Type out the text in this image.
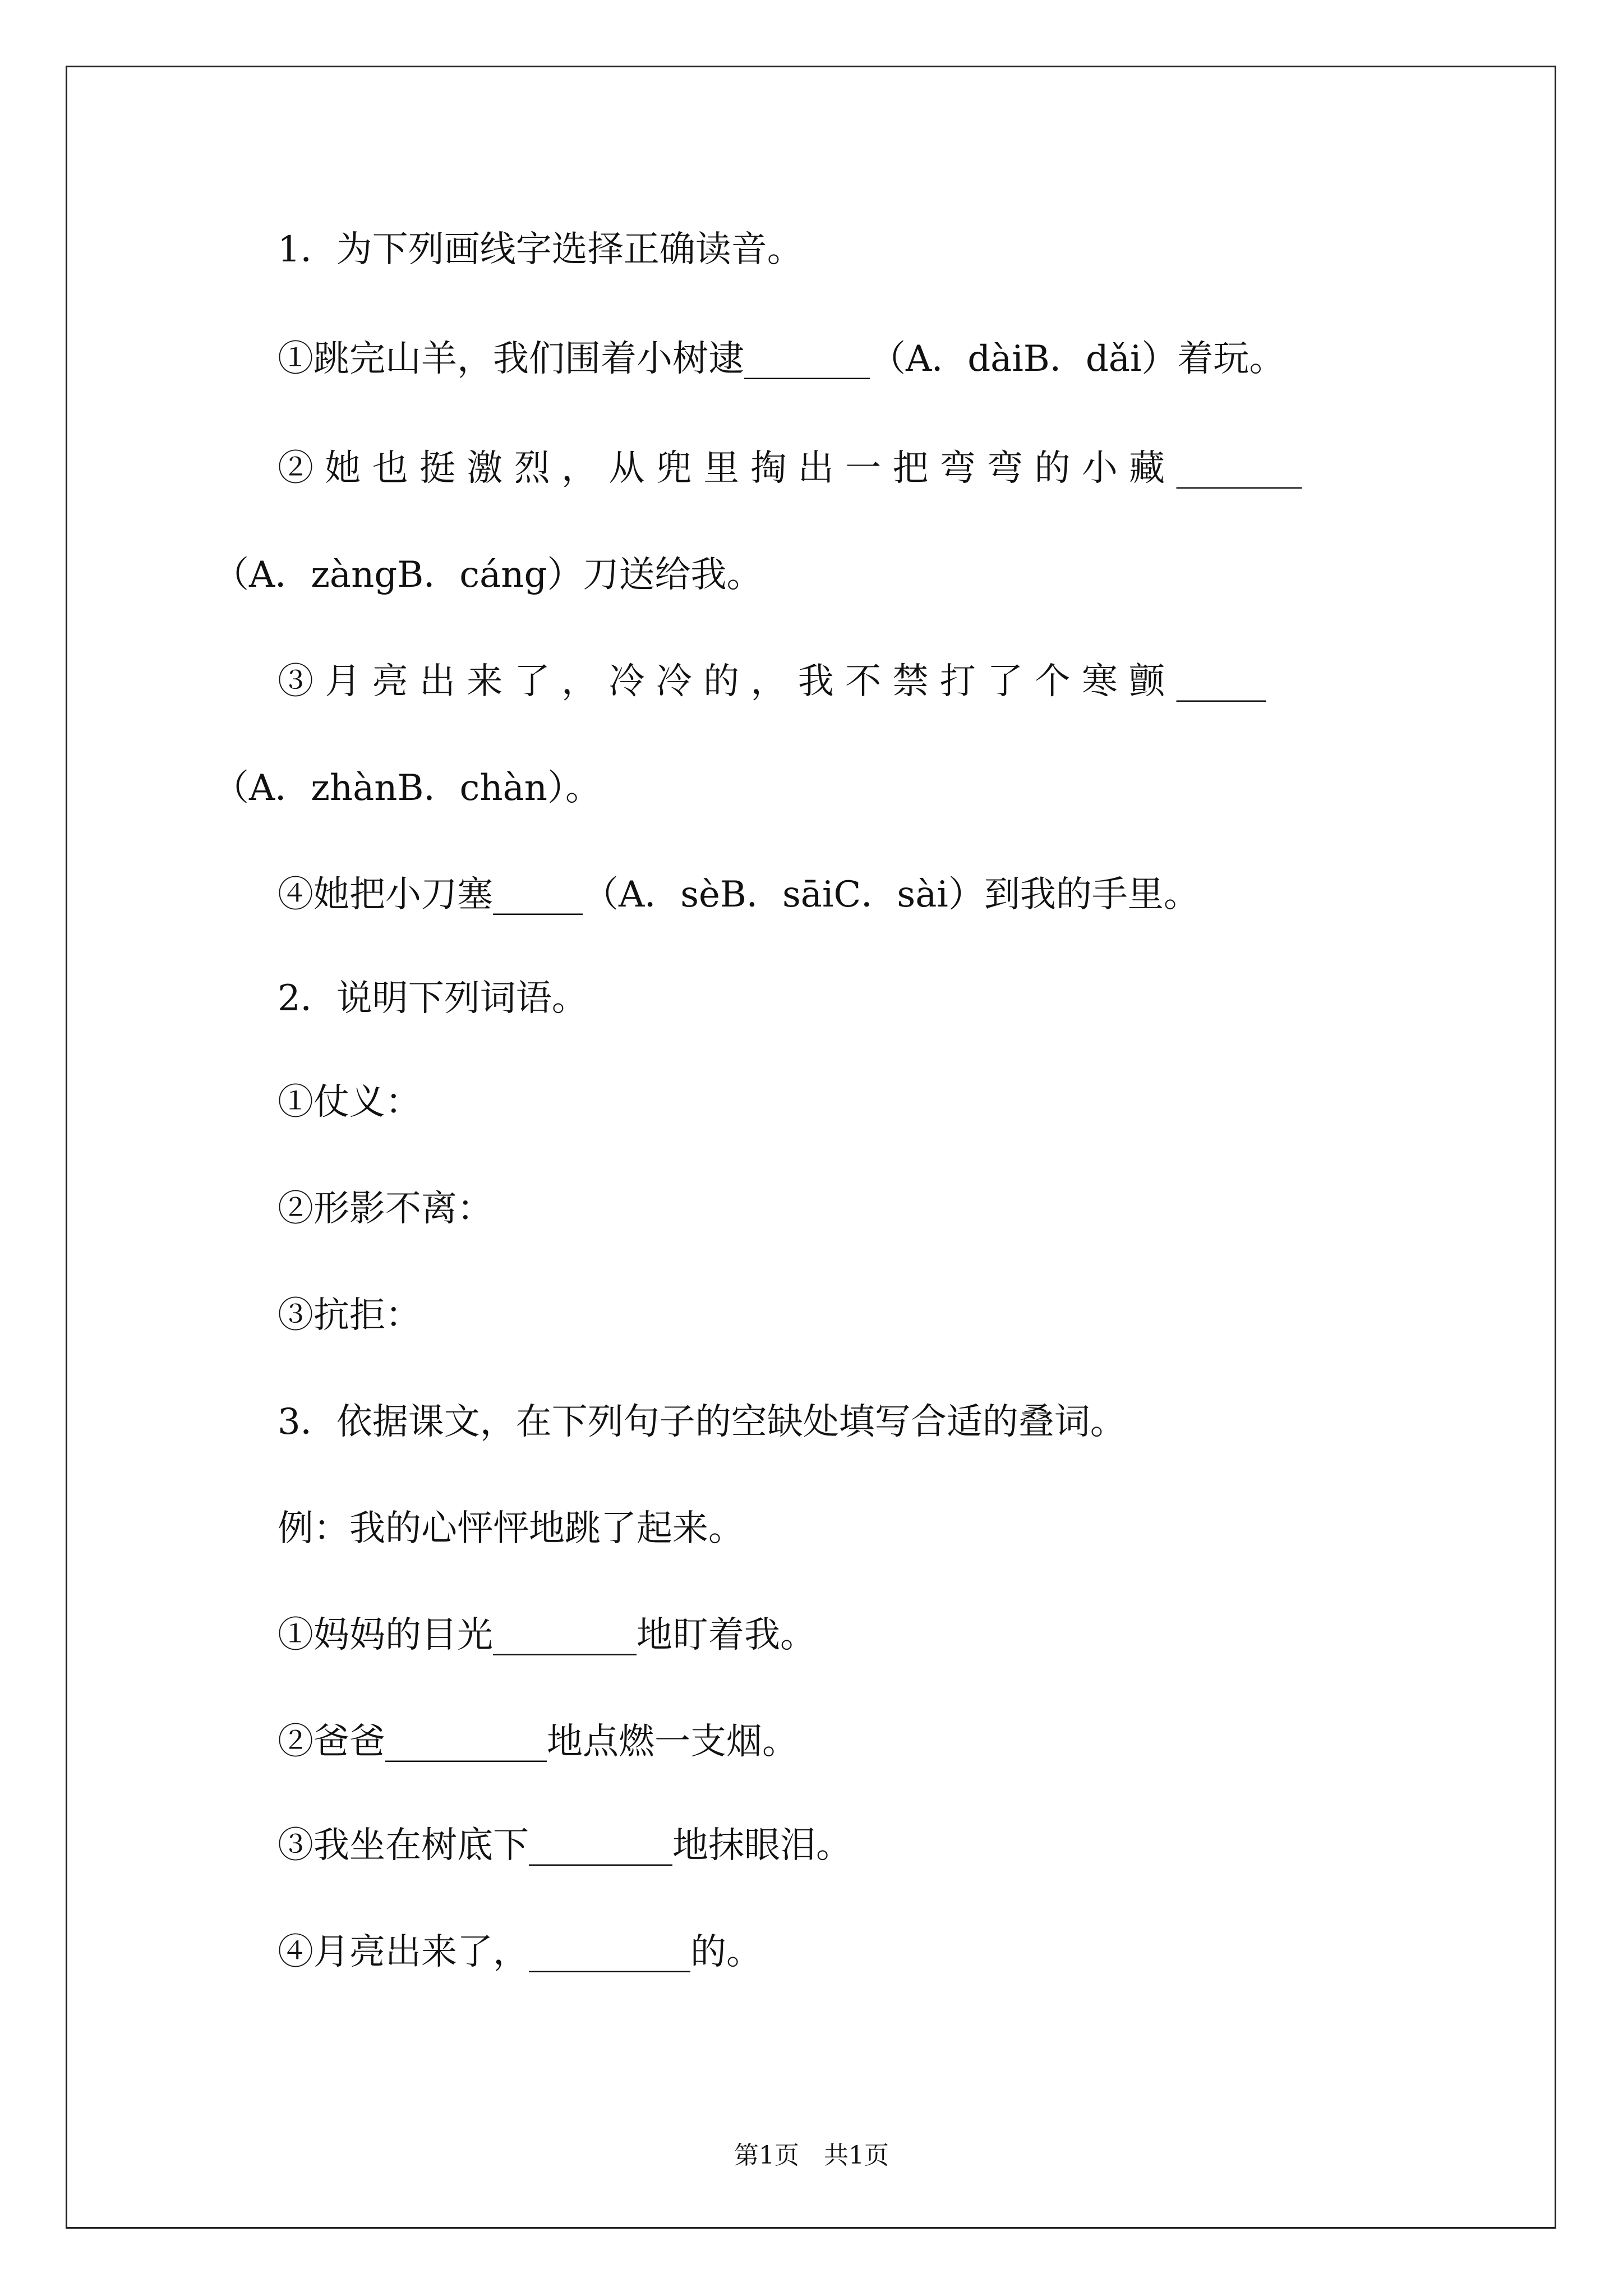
1．为下列画线字选择正确读音。
①跳完山羊，我们围着小树逮_______（A．dàiB．dǎi）着玩。
② 她 也 挺 激 烈 ， 从 兜 里 掏 出 一 把 弯 弯 的 小 藏 _______
（A．zàngB．cáng）刀送给我。
③ 月 亮 出 来 了 ， 冷 冷 的 ， 我 不 禁 打 了 个 寒 颤 _____
（A．zhànB．chàn）。
④她把小刀塞_____（A．sèB．sāiC．sài）到我的手里。
2．说明下列词语。
①仗义：
②形影不离：
③抗拒：
3．依据课文，在下列句子的空缺处填写合适的叠词。
例：我的心怦怦地跳了起来。
①妈妈的目光________地盯着我。
②爸爸_________地点燃一支烟。
③我坐在树底下________地抹眼泪。
④月亮出来了，_________的。
第1页　共1页
